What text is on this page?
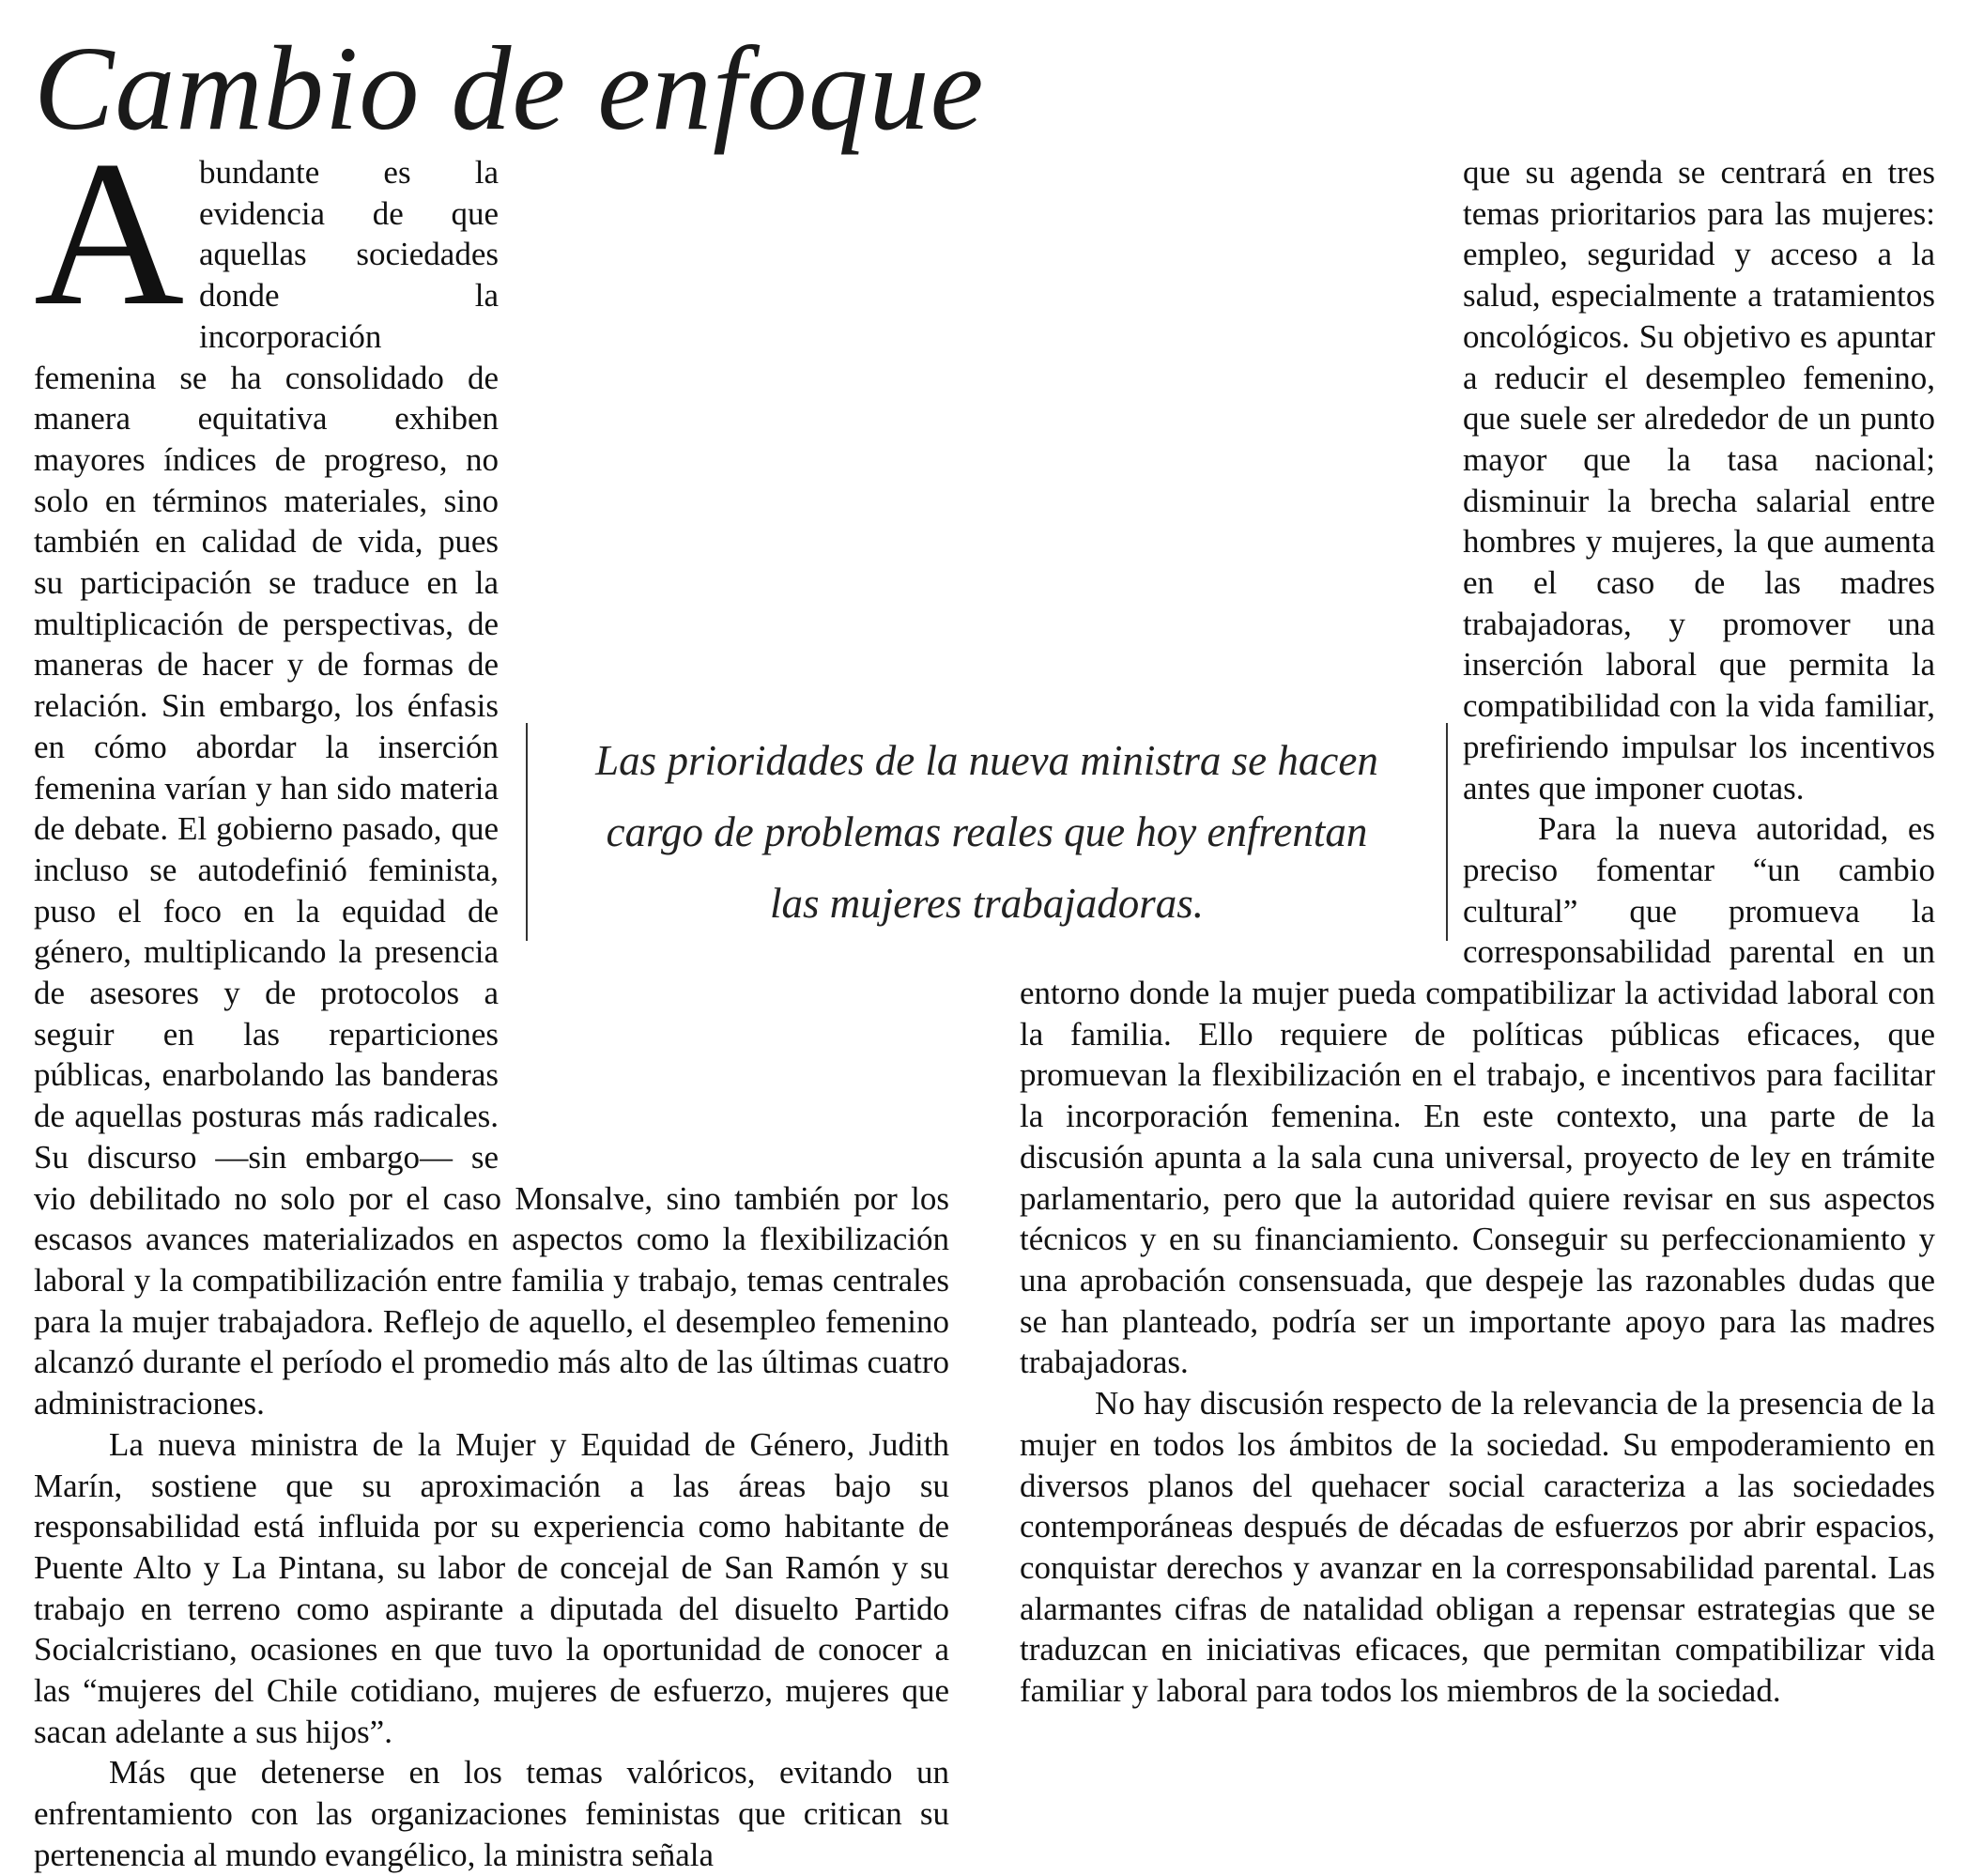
Cambio de enfoque

Abundante es la evidencia de que aquellas sociedades donde la incorporación femenina se ha consolidado de manera equitativa exhiben mayores índices de progreso, no solo en términos materiales, sino también en calidad de vida, pues su participación se traduce en la multiplicación de perspectivas, de maneras de hacer y de formas de relación. Sin embargo, los énfasis en cómo abordar la inserción femenina varían y han sido materia de debate. El gobierno pasado, que incluso se autodefinió feminista, puso el foco en la equidad de género, multiplicando la presencia de asesores y de protocolos a seguir en las reparticiones públicas, enarbolando las banderas de aquellas posturas más radicales. Su discurso —sin embargo— se vio debilitado no solo por el caso Monsalve, sino también por los escasos avances materializados en aspectos como la flexibilización laboral y la compatibilización entre familia y trabajo, temas centrales para la mujer trabajadora. Reflejo de aquello, el desempleo femenino alcanzó durante el período el promedio más alto de las últimas cuatro administraciones.

La nueva ministra de la Mujer y Equidad de Género, Judith Marín, sostiene que su aproximación a las áreas bajo su responsabilidad está influida por su experiencia como habitante de Puente Alto y La Pintana, su labor de concejal de San Ramón y su trabajo en terreno como aspirante a diputada del disuelto Partido Socialcristiano, ocasiones en que tuvo la oportunidad de conocer a las “mujeres del Chile cotidiano, mujeres de esfuerzo, mujeres que sacan adelante a sus hijos”.

Más que detenerse en los temas valóricos, evitando un enfrentamiento con las organizaciones feministas que critican su pertenencia al mundo evangélico, la ministra señala

que su agenda se centrará en tres temas prioritarios para las mujeres: empleo, seguridad y acceso a la salud, especialmente a tratamientos oncológicos. Su objetivo es apuntar a reducir el desempleo femenino, que suele ser alrededor de un punto mayor que la tasa nacional; disminuir la brecha salarial entre hombres y mujeres, la que aumenta en el caso de las madres trabajadoras, y promover una inserción laboral que permita la compatibilidad con la vida familiar, prefiriendo impulsar los incentivos antes que imponer cuotas.

Para la nueva autoridad, es preciso fomentar “un cambio cultural” que promueva la corresponsabilidad parental en un entorno donde la mujer pueda compatibilizar la actividad laboral con la familia. Ello requiere de políticas públicas eficaces, que promuevan la flexibilización en el trabajo, e incentivos para facilitar la incorporación femenina. En este contexto, una parte de la discusión apunta a la sala cuna universal, proyecto de ley en trámite parlamentario, pero que la autoridad quiere revisar en sus aspectos técnicos y en su financiamiento. Conseguir su perfeccionamiento y una aprobación consensuada, que despeje las razonables dudas que se han planteado, podría ser un importante apoyo para las madres trabajadoras.

No hay discusión respecto de la relevancia de la presencia de la mujer en todos los ámbitos de la sociedad. Su empoderamiento en diversos planos del quehacer social caracteriza a las sociedades contemporáneas después de décadas de esfuerzos por abrir espacios, conquistar derechos y avanzar en la corresponsabilidad parental. Las alarmantes cifras de natalidad obligan a repensar estrategias que se traduzcan en iniciativas eficaces, que permitan compatibilizar vida familiar y laboral para todos los miembros de la sociedad.

Las prioridades de la nueva ministra se hacen cargo de problemas reales que hoy enfrentan las mujeres trabajadoras.
